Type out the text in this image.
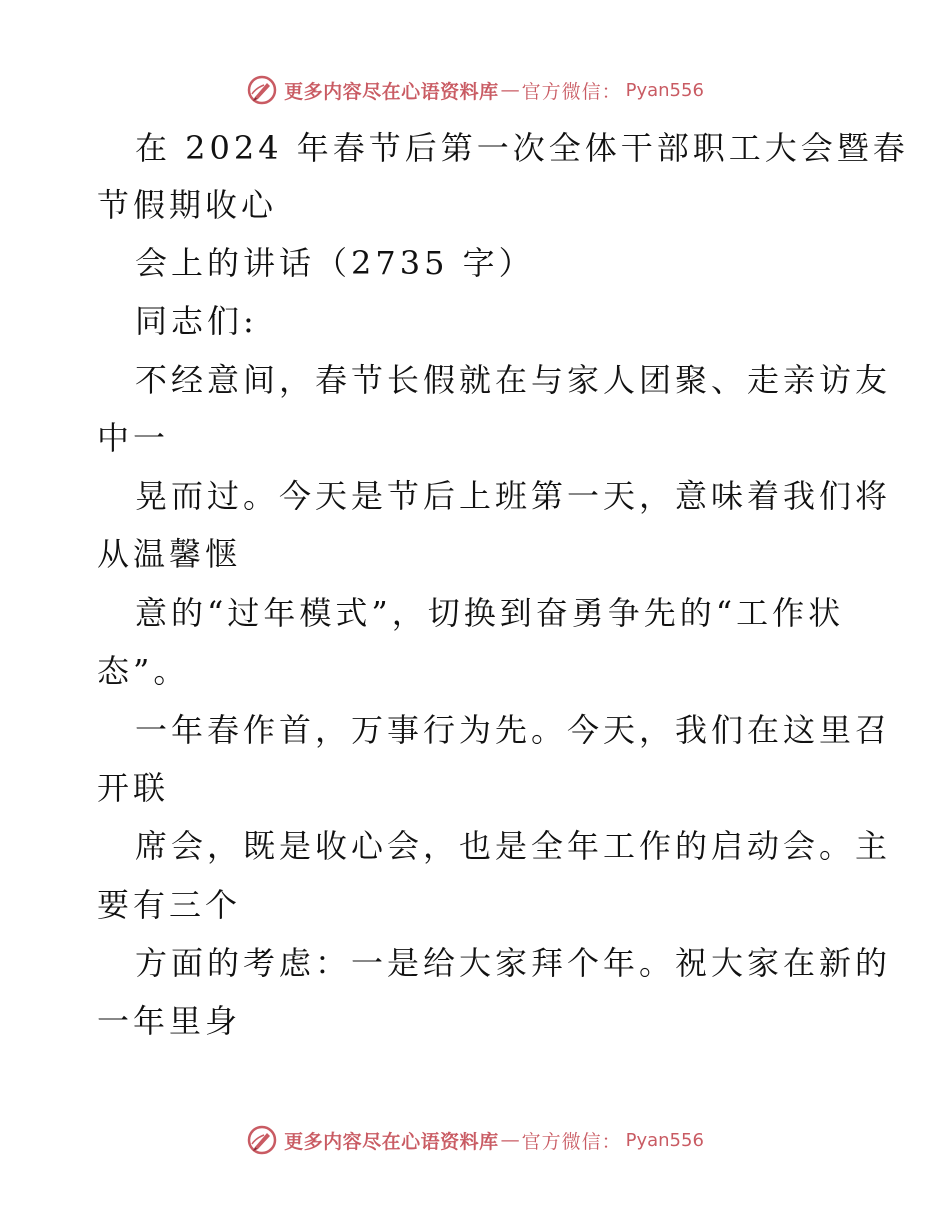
更多内容尽在心语资料库 — 官方微信： Pyan556
在 2024 年春节后第一次全体干部职工大会暨春
节假期收心
会上的讲话（2735 字）
同志们:
不经意间，春节长假就在与家人团聚、走亲访友
中一
晃而过。今天是节后上班第一天，意味着我们将
从温馨惬
意的“过年模式”，切换到奋勇争先的“工作状
态”。
一年春作首，万事行为先。今天，我们在这里召
开联
席会，既是收心会，也是全年工作的启动会。主
要有三个
方面的考虑：一是给大家拜个年。祝大家在新的
一年里身
更多内容尽在心语资料库 — 官方微信： Pyan556
